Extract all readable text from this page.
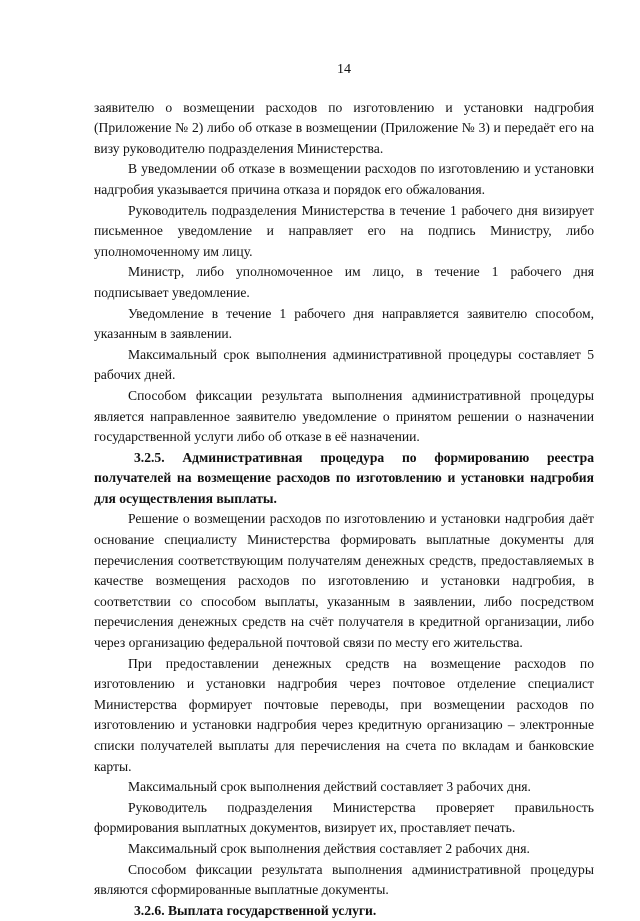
14

заявителю о возмещении расходов по изготовлению и установки надгробия (Приложение № 2) либо об отказе в возмещении (Приложение № 3) и передаёт его на визу руководителю подразделения Министерства.

В уведомлении об отказе в возмещении расходов по изготовлению и установки надгробия указывается причина отказа и порядок его обжалования.

Руководитель подразделения Министерства в течение 1 рабочего дня визирует письменное уведомление и направляет его на подпись Министру, либо уполномоченному им лицу.

Министр, либо уполномоченное им лицо, в течение 1 рабочего дня подписывает уведомление.

Уведомление в течение 1 рабочего дня направляется заявителю способом, указанным в заявлении.

Максимальный срок выполнения административной процедуры составляет 5 рабочих дней.

Способом фиксации результата выполнения административной процедуры является направленное заявителю уведомление о принятом решении о назначении государственной услуги либо об отказе в её назначении.

3.2.5. Административная процедура по формированию реестра получателей на возмещение расходов по изготовлению и установки надгробия для осуществления выплаты.

Решение о возмещении расходов по изготовлению и установки надгробия даёт основание специалисту Министерства формировать выплатные документы для перечисления соответствующим получателям денежных средств, предоставляемых в качестве возмещения расходов по изготовлению и установки надгробия, в соответствии со способом выплаты, указанным в заявлении, либо посредством перечисления денежных средств на счёт получателя в кредитной организации, либо через организацию федеральной почтовой связи по месту его жительства.

При предоставлении денежных средств на возмещение расходов по изготовлению и установки надгробия через почтовое отделение специалист Министерства формирует почтовые переводы, при возмещении расходов по изготовлению и установки надгробия через кредитную организацию – электронные списки получателей выплаты для перечисления на счета по вкладам и банковские карты.

Максимальный срок выполнения действий составляет 3 рабочих дня.

Руководитель подразделения Министерства проверяет правильность формирования выплатных документов, визирует их, проставляет печать.

Максимальный срок выполнения действия составляет 2 рабочих дня.

Способом фиксации результата выполнения административной процедуры являются сформированные выплатные документы.

3.2.6. Выплата государственной услуги.
